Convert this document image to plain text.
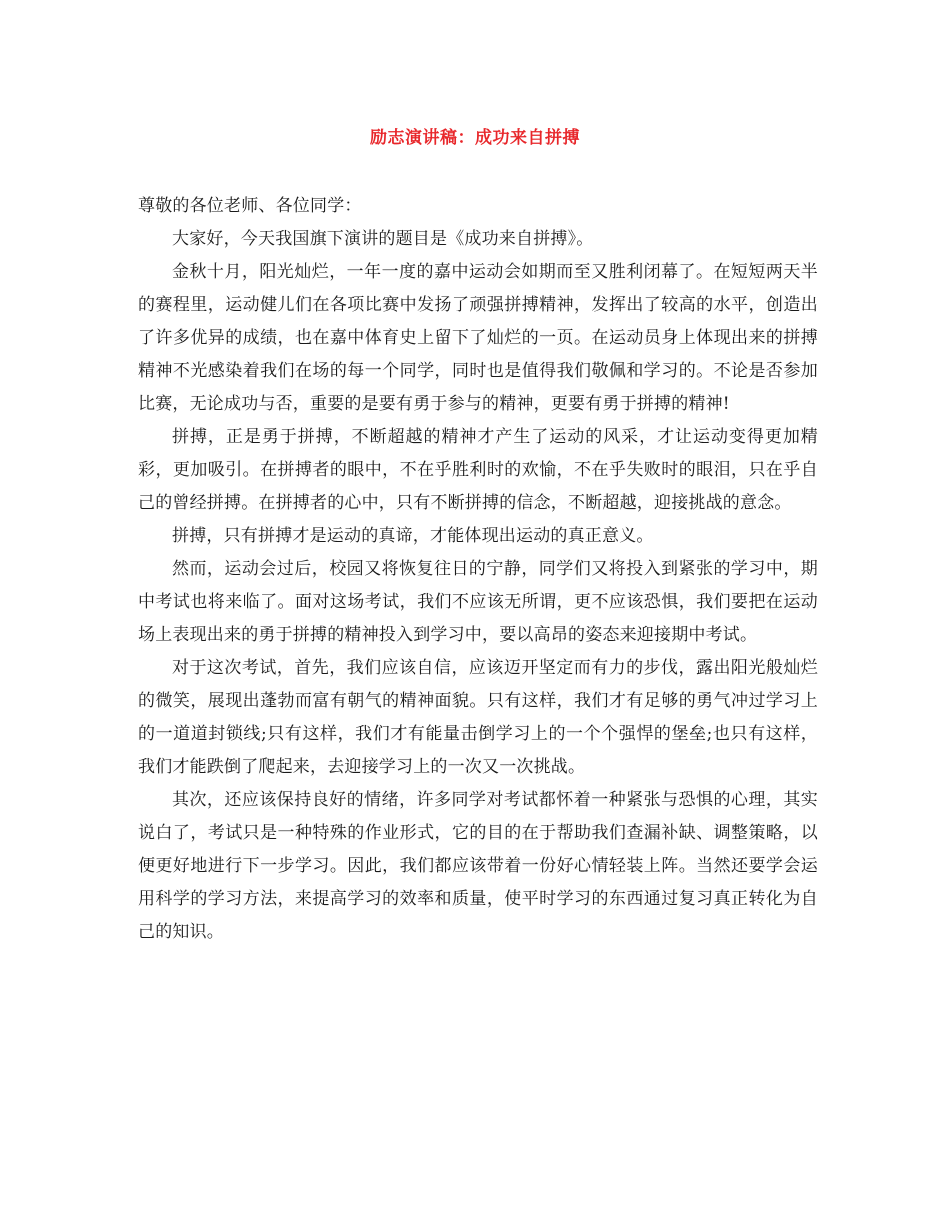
励志演讲稿：成功来自拼搏

尊敬的各位老师、各位同学：

大家好，今天我国旗下演讲的题目是《成功来自拼搏》。

金秋十月，阳光灿烂，一年一度的嘉中运动会如期而至又胜利闭幕了。在短短两天半的赛程里，运动健儿们在各项比赛中发扬了顽强拼搏精神，发挥出了较高的水平，创造出了许多优异的成绩，也在嘉中体育史上留下了灿烂的一页。在运动员身上体现出来的拼搏精神不光感染着我们在场的每一个同学，同时也是值得我们敬佩和学习的。不论是否参加比赛，无论成功与否，重要的是要有勇于参与的精神，更要有勇于拼搏的精神!

拼搏，正是勇于拼搏，不断超越的精神才产生了运动的风采，才让运动变得更加精彩，更加吸引。在拼搏者的眼中，不在乎胜利时的欢愉，不在乎失败时的眼泪，只在乎自己的曾经拼搏。在拼搏者的心中，只有不断拼搏的信念，不断超越，迎接挑战的意念。

拼搏，只有拼搏才是运动的真谛，才能体现出运动的真正意义。

然而，运动会过后，校园又将恢复往日的宁静，同学们又将投入到紧张的学习中，期中考试也将来临了。面对这场考试，我们不应该无所谓，更不应该恐惧，我们要把在运动场上表现出来的勇于拼搏的精神投入到学习中，要以高昂的姿态来迎接期中考试。

对于这次考试，首先，我们应该自信，应该迈开坚定而有力的步伐，露出阳光般灿烂的微笑，展现出蓬勃而富有朝气的精神面貌。只有这样，我们才有足够的勇气冲过学习上的一道道封锁线;只有这样，我们才有能量击倒学习上的一个个强悍的堡垒;也只有这样，我们才能跌倒了爬起来，去迎接学习上的一次又一次挑战。

其次，还应该保持良好的情绪，许多同学对考试都怀着一种紧张与恐惧的心理，其实说白了，考试只是一种特殊的作业形式，它的目的在于帮助我们查漏补缺、调整策略，以便更好地进行下一步学习。因此，我们都应该带着一份好心情轻装上阵。当然还要学会运用科学的学习方法，来提高学习的效率和质量，使平时学习的东西通过复习真正转化为自己的知识。
